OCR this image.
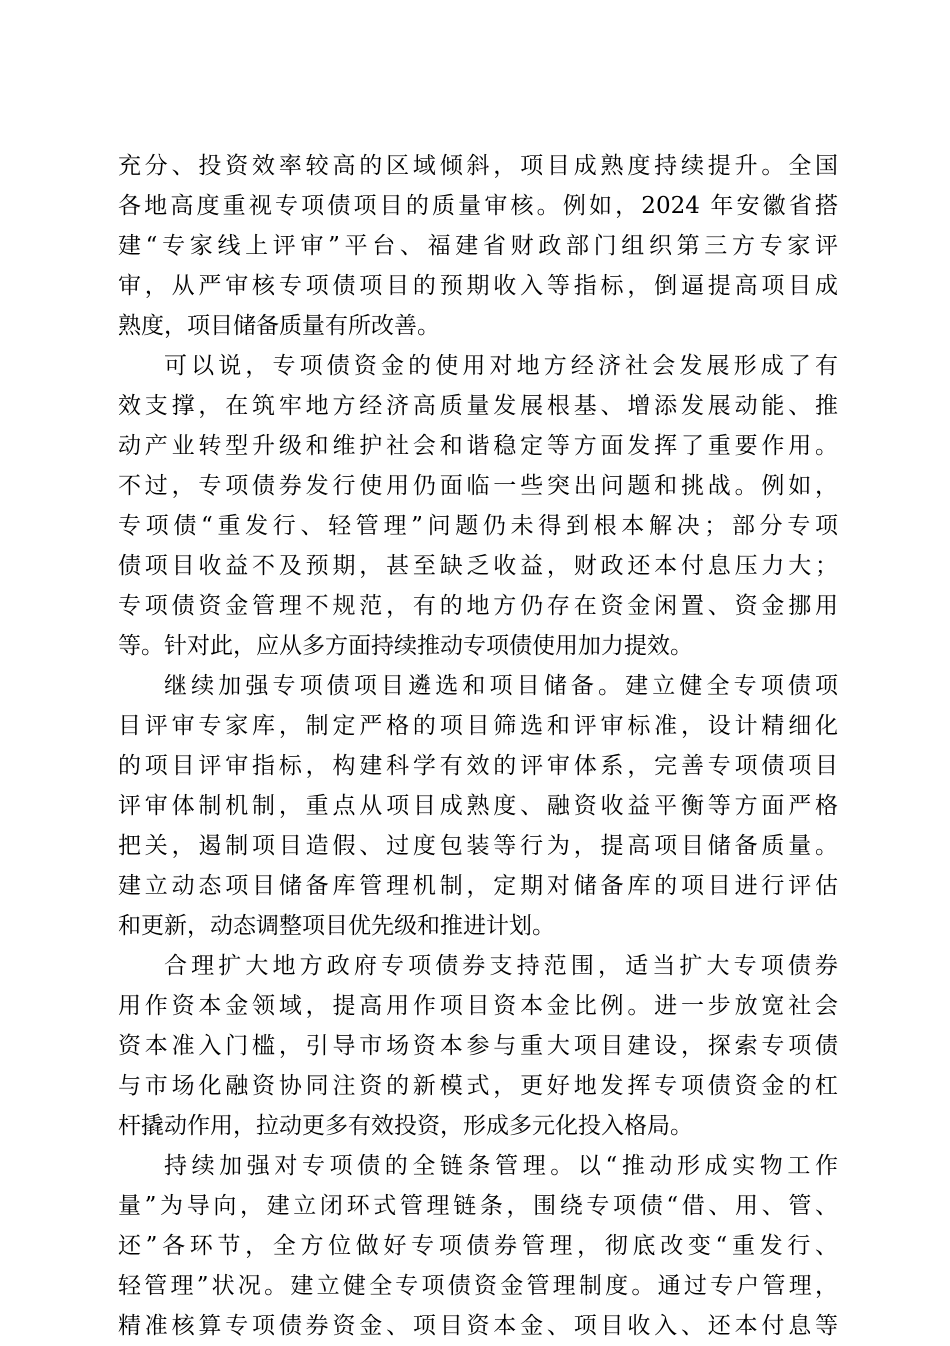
充分、投资效率较高的区域倾斜，项目成熟度持续提升。全国
各地高度重视专项债项目的质量审核。例如，2024 年安徽省搭
建“专家线上评审”平台、福建省财政部门组织第三方专家评
审，从严审核专项债项目的预期收入等指标，倒逼提高项目成
熟度，项目储备质量有所改善。
可以说，专项债资金的使用对地方经济社会发展形成了有
效支撑，在筑牢地方经济高质量发展根基、增添发展动能、推
动产业转型升级和维护社会和谐稳定等方面发挥了重要作用。
不过，专项债券发行使用仍面临一些突出问题和挑战。例如，
专项债“重发行、轻管理”问题仍未得到根本解决；部分专项
债项目收益不及预期，甚至缺乏收益，财政还本付息压力大；
专项债资金管理不规范，有的地方仍存在资金闲置、资金挪用
等。针对此，应从多方面持续推动专项债使用加力提效。
继续加强专项债项目遴选和项目储备。建立健全专项债项
目评审专家库，制定严格的项目筛选和评审标准，设计精细化
的项目评审指标，构建科学有效的评审体系，完善专项债项目
评审体制机制，重点从项目成熟度、融资收益平衡等方面严格
把关，遏制项目造假、过度包装等行为，提高项目储备质量。
建立动态项目储备库管理机制，定期对储备库的项目进行评估
和更新，动态调整项目优先级和推进计划。
合理扩大地方政府专项债券支持范围，适当扩大专项债券
用作资本金领域，提高用作项目资本金比例。进一步放宽社会
资本准入门槛，引导市场资本参与重大项目建设，探索专项债
与市场化融资协同注资的新模式，更好地发挥专项债资金的杠
杆撬动作用，拉动更多有效投资，形成多元化投入格局。
持续加强对专项债的全链条管理。以“推动形成实物工作
量”为导向，建立闭环式管理链条，围绕专项债“借、用、管、
还”各环节，全方位做好专项债券管理，彻底改变“重发行、
轻管理”状况。建立健全专项债资金管理制度。通过专户管理，
精准核算专项债券资金、项目资本金、项目收入、还本付息等
